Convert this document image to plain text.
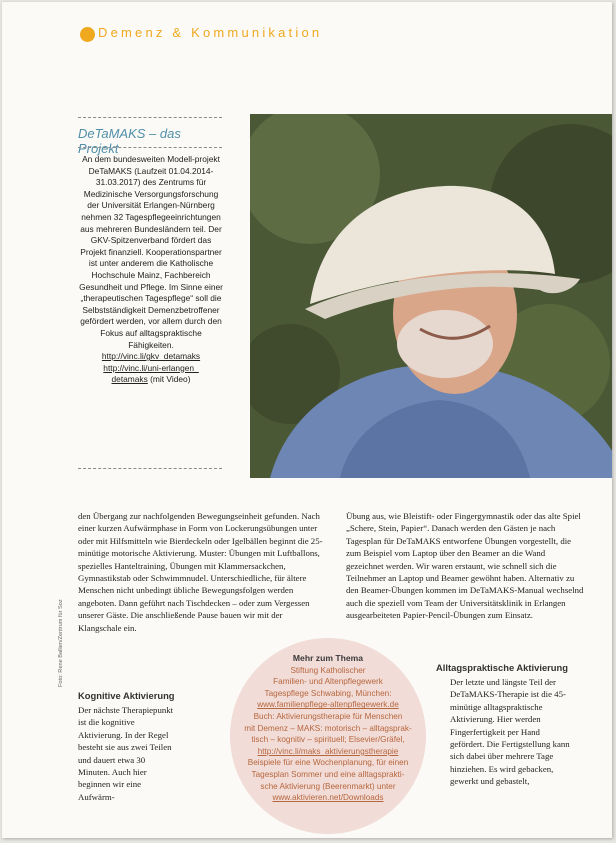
Demenz & Kommunikation
DeTaMAKS – das Projekt
An dem bundesweiten Modell-projekt DeTaMAKS (Laufzeit 01.04.2014-31.03.2017) des Zentrums für Medizinische Versorgungsforschung der Universität Erlangen-Nürnberg nehmen 32 Tagespflegeeinrichtungen aus mehreren Bundesländern teil. Der GKV-Spitzenverband fördert das Projekt finanziell. Kooperationspartner ist unter anderem die Katholische Hochschule Mainz, Fachbereich Gesundheit und Pflege. Im Sinne einer „therapeutischen Tagespflege“ soll die Selbstständigkeit Demenzbetroffener gefördert werden, vor allem durch den Fokus auf alltagspraktische Fähigkeiten.
http://vinc.li/gkv_detamaks
http://vinc.li/uni-erlangen_
detamaks (mit Video)

den Übergang zur nachfolgenden Bewegungseinheit gefunden. Nach einer kurzen Aufwärmphase in Form von Lockerungsübungen unter oder mit Hilfsmitteln wie Bierdeckeln oder Igelbällen beginnt die 25-minütige motorische Aktivierung. Muster: Übungen mit Luftballons, spezielles Hanteltraining, Übungen mit Klammersackchen, Gymnastikstab oder Schwimmnudel. Unterschiedliche, für ältere Menschen nicht unbedingt übliche Bewegungsfolgen werden angeboten. Dann geführt nach Tischdecken – oder zum Vergessen unserer Gäste. Die anschließende Pause bauen wir mit der Klangschale ein.

Übung aus, wie Bleistift- oder Fingergymnastik oder das alte Spiel „Schere, Stein, Papier“. Danach werden den Gästen je nach Tagesplan für DeTaMAKS entworfene Übungen vorgestellt, die zum Beispiel vom Laptop über den Beamer an die Wand gezeichnet werden. Wir waren erstaunt, wie schnell sich die Teilnehmer an Laptop und Beamer gewöhnt haben. Alternativ zu den Beamer-Übungen kommen im DeTaMAKS-Manual wechselnd auch die speziell vom Team der Universitätsklinik in Erlangen ausgearbeiteten Papier-Pencil-Übungen zum Einsatz.

Kognitive Aktivierung
Der nächste Therapiepunkt ist die kognitive Aktivierung. In der Regel besteht sie aus zwei Teilen und dauert etwa 30 Minuten. Auch hier beginnen wir eine Aufwärm-
Alltagspraktische Aktivierung
Der letzte und längste Teil der DeTaMAKS-Therapie ist die 45-minütige alltagspraktische Aktivierung. Hier werden Fingerfertigkeit per Hand gefördert. Die Fertigstellung kann sich dabei über mehrere Tage hinziehen. Es wird gebacken, gewerkt und gebastelt,
Mehr zum Thema
Stiftung Katholischer
Familien- und Altenpflegewerk
Tagespflege Schwabing, München:
www.familienpflege-altenpflegewerk.de
Buch: Aktivierungstherapie für Menschen
mit Demenz – MAKS: motorisch – alltagsprak-
tisch – kognitiv – spirituell; Elsevier/Gräfel,
http://vinc.li/maks_aktivierungstherapie
Beispiele für eine Wochenplanung, für einen
Tagesplan Sommer und eine alltagsprakti-
sche Aktivierung (Beerenmarkt) unter
www.aktivieren.net/Downloads
Foto: Rene Ballien/Zentrum für Soz
